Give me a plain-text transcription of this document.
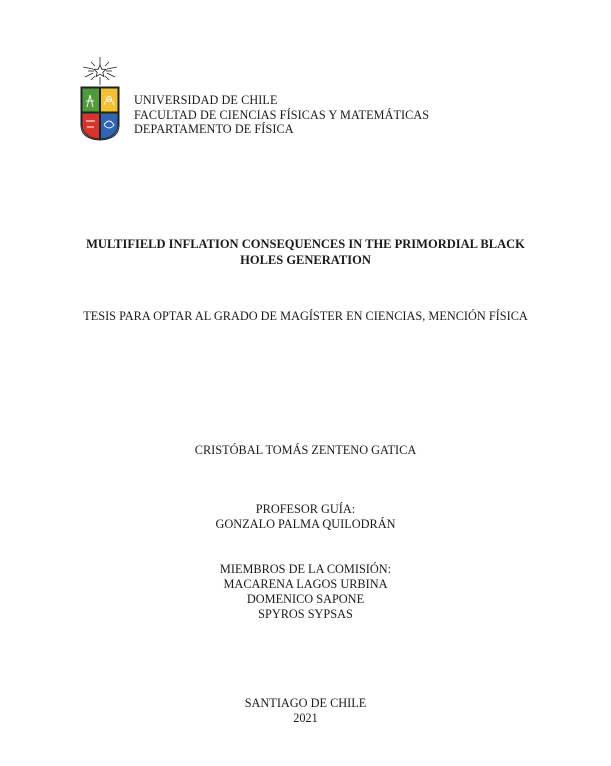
UNIVERSIDAD DE CHILE
FACULTAD DE CIENCIAS FÍSICAS Y MATEMÁTICAS
DEPARTAMENTO DE FÍSICA
MULTIFIELD INFLATION CONSEQUENCES IN THE PRIMORDIAL BLACK
HOLES GENERATION
TESIS PARA OPTAR AL GRADO DE MAGÍSTER EN CIENCIAS, MENCIÓN FÍSICA
CRISTÓBAL TOMÁS ZENTENO GATICA
PROFESOR GUÍA:
GONZALO PALMA QUILODRÁN
MIEMBROS DE LA COMISIÓN:
MACARENA LAGOS URBINA
DOMENICO SAPONE
SPYROS SYPSAS
SANTIAGO DE CHILE
2021
